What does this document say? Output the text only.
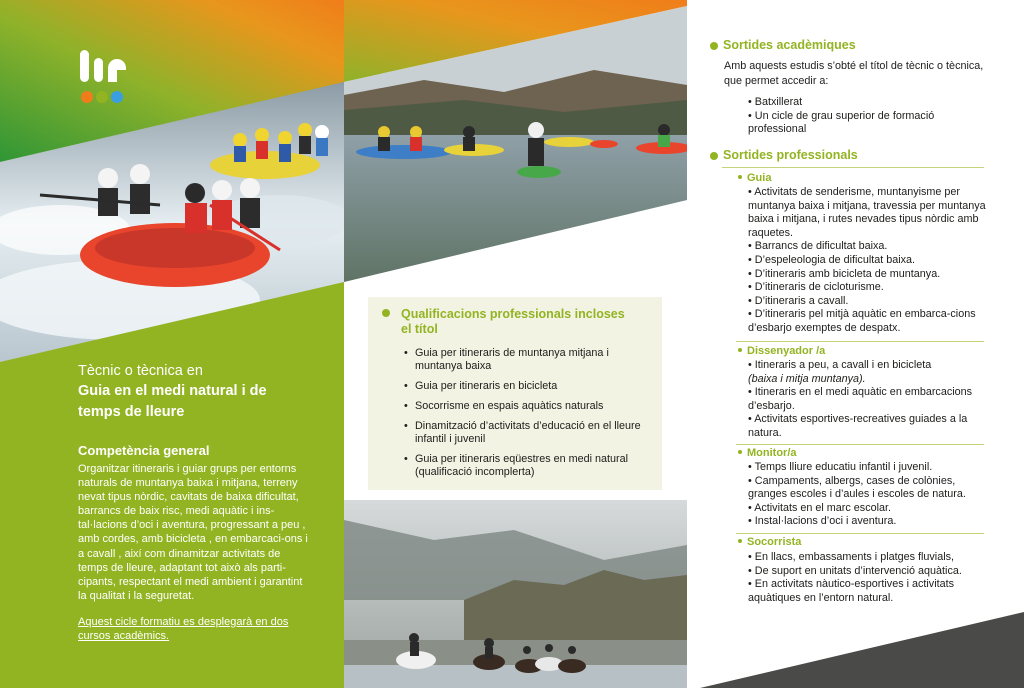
Tècnic o tècnica en
Guia en el medi natural i de
temps de lleure
Competència general
Organitzar itineraris i guiar grups per entorns naturals de muntanya baixa i mitjana, terreny nevat tipus nòrdic, cavitats de baixa dificultat, barrancs de baix risc, medi aquàtic i ins-tal·lacions d’oci i aventura, progressant a peu , amb cordes, amb bicicleta , en embarcaci-ons i a cavall , així com dinamitzar activitats de temps de lleure, adaptant tot això als parti-cipants, respectant el medi ambient i garantint la qualitat i la seguretat.
Aquest cicle formatiu es desplegarà en dos cursos acadèmics.
Qualificacions professionals incloses
el títol
• Guia per itineraris de muntanya mitjana i muntanya baixa
• Guia per itineraris en bicicleta
• Socorrisme en espais aquàtics naturals
• Dinamització d’activitats d’educació en el lleure infantil i juvenil
• Guia per itineraris eqüestres en medi natural (qualificació incomplerta)
Sortides acadèmiques
Amb aquests estudis s’obté el títol de tècnic o tècnica, que permet accedir a:
• Batxillerat
• Un cicle de grau superior de formació professional
Sortides professionals
Guia
• Activitats de senderisme, muntanyisme per muntanya baixa i mitjana, travessia per muntanya baixa i mitjana, i rutes nevades tipus nòrdic amb raquetes.
• Barrancs de dificultat baixa.
• D’espeleologia de dificultat baixa.
• D’itineraris amb bicicleta de muntanya.
• D’itineraris de cicloturisme.
• D’itineraris a cavall.
• D’itineraris pel mitjà aquàtic en embarca-cions d’esbarjo exemptes de despatx.
Dissenyador /a
• Itineraris a peu, a cavall i en bicicleta
(baixa i mitja muntanya).
• Itineraris en el medi aquàtic en embarcacions d’esbarjo.
• Activitats esportives-recreatives guiades a la natura.
Monitor/a
• Temps lliure educatiu infantil i juvenil.
• Campaments, albergs, cases de colònies, granges escoles i d’aules i escoles de natura.
• Activitats en el marc escolar.
• Instal·lacions d’oci i aventura.
Socorrista
• En llacs, embassaments i platges fluvials,
• De suport en unitats d’intervenció aquàtica.
• En activitats nàutico-esportives i activitats aquàtiques en l’entorn natural.
